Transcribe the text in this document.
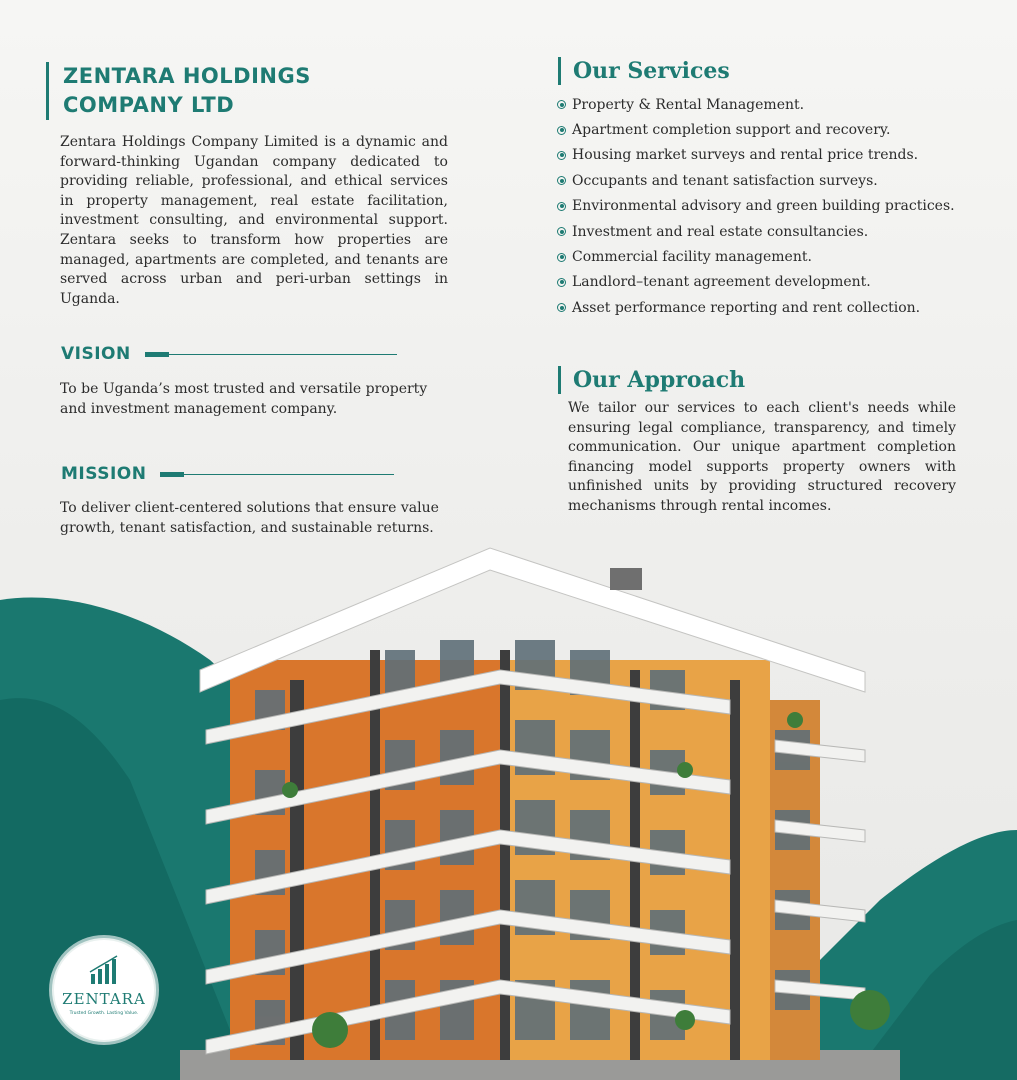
ZENTARA HOLDINGS
COMPANY LTD

Zentara Holdings Company Limited is a dynamic and forward-thinking Ugandan company dedicated to providing reliable, professional, and ethical services in property management, real estate facilitation, investment consulting, and environmental support. Zentara seeks to transform how properties are managed, apartments are completed, and tenants are served across urban and peri-urban settings in Uganda.

VISION

To be Uganda’s most trusted and versatile property and investment management company.

MISSION

To deliver client-centered solutions that ensure value growth, tenant satisfaction, and sustainable returns.

Our Services
Property & Rental Management.
Apartment completion support and recovery.
Housing market surveys and rental price trends.
Occupants and tenant satisfaction surveys.
Environmental advisory and green building practices.
Investment and real estate consultancies.
Commercial facility management.
Landlord–tenant agreement development.
Asset performance reporting and rent collection.
Our Approach

We tailor our services to each client's needs while ensuring legal compliance, transparency, and timely communication. Our unique apartment completion financing model supports property owners with unfinished units by providing structured recovery mechanisms through rental incomes.

ZENTARA
Trusted Growth. Lasting Value.
